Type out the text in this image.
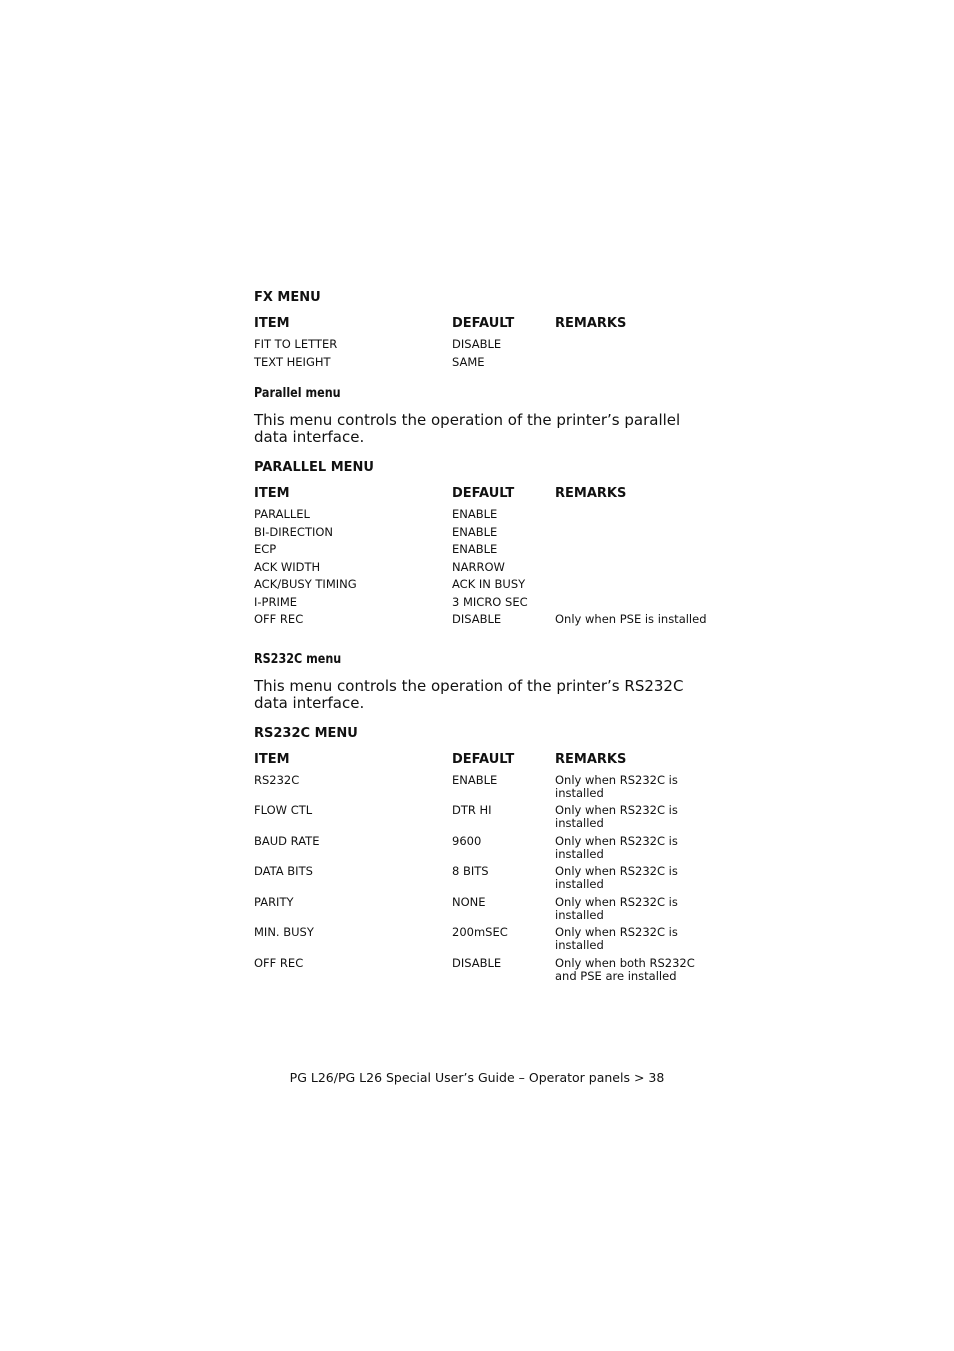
FX MENU

ITEM	DEFAULT	REMARKS
FIT TO LETTER	DISABLE
TEXT HEIGHT	SAME

Parallel menu

This menu controls the operation of the printer’s parallel data interface.

PARALLEL MENU

ITEM	DEFAULT	REMARKS
PARALLEL	ENABLE
BI-DIRECTION	ENABLE
ECP	ENABLE
ACK WIDTH	NARROW
ACK/BUSY TIMING	ACK IN BUSY
I-PRIME	3 MICRO SEC
OFF REC	DISABLE	Only when PSE is installed

RS232C menu

This menu controls the operation of the printer’s RS232C data interface.

RS232C MENU

ITEM	DEFAULT	REMARKS
RS232C	ENABLE	Only when RS232C is installed
FLOW CTL	DTR HI	Only when RS232C is installed
BAUD RATE	9600	Only when RS232C is installed
DATA BITS	8 BITS	Only when RS232C is installed
PARITY	NONE	Only when RS232C is installed
MIN. BUSY	200mSEC	Only when RS232C is installed
OFF REC	DISABLE	Only when both RS232C and PSE are installed
PG L26/PG L26 Special User’s Guide – Operator panels > 38
